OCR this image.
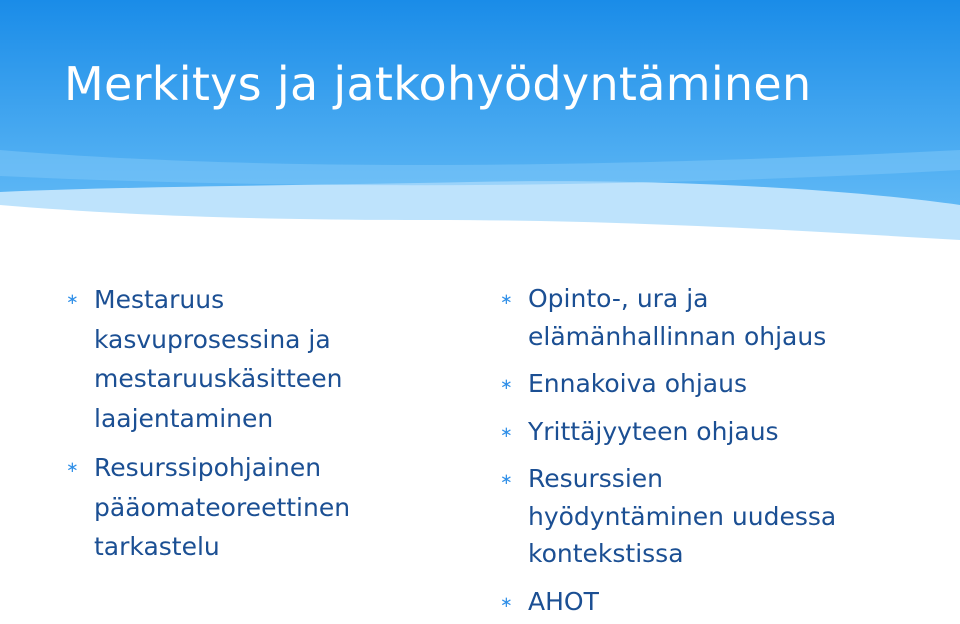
Merkitys ja jatkohyödyntäminen
∗ Mestaruus
kasvuprosessina ja
mestaruuskäsitteen
laajentaminen
∗ Resurssipohjainen
pääomateoreettinen
tarkastelu
∗ Opinto-, ura ja
elämänhallinnan ohjaus
∗ Ennakoiva ohjaus
∗ Yrittäjyyteen ohjaus
∗ Resurssien
hyödyntäminen uudessa
kontekstissa
∗ AHOT
